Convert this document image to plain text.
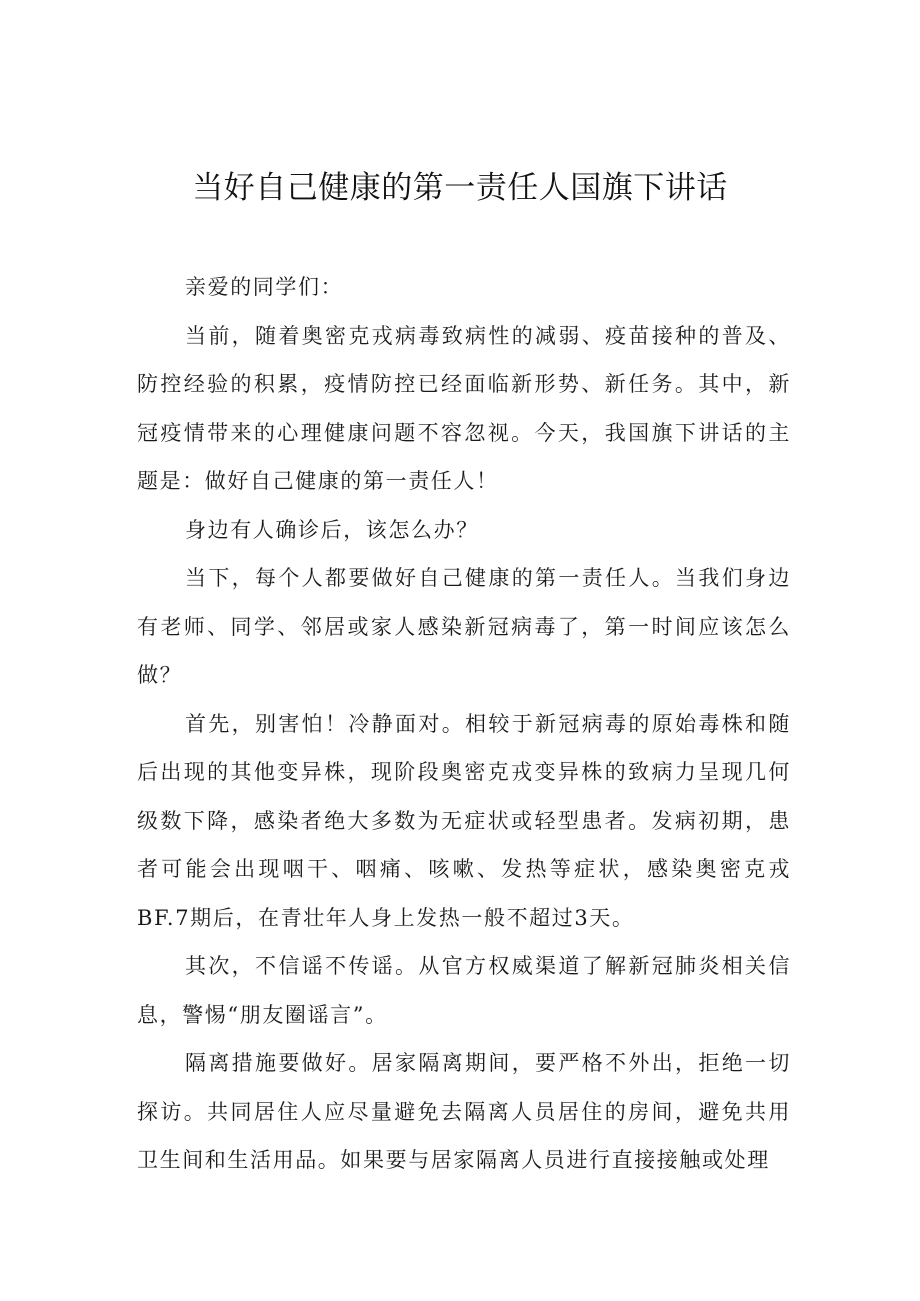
当好自己健康的第一责任人国旗下讲话

亲爱的同学们：

当前，随着奥密克戎病毒致病性的减弱、疫苗接种的普及、防控经验的积累，疫情防控已经面临新形势、新任务。其中，新冠疫情带来的心理健康问题不容忽视。今天，我国旗下讲话的主题是：做好自己健康的第一责任人！

身边有人确诊后，该怎么办？

当下，每个人都要做好自己健康的第一责任人。当我们身边有老师、同学、邻居或家人感染新冠病毒了，第一时间应该怎么做？

首先，别害怕！冷静面对。相较于新冠病毒的原始毒株和随后出现的其他变异株，现阶段奥密克戎变异株的致病力呈现几何级数下降，感染者绝大多数为无症状或轻型患者。发病初期，患者可能会出现咽干、咽痛、咳嗽、发热等症状，感染奥密克戎BF.7期后，在青壮年人身上发热一般不超过3天。

其次，不信谣不传谣。从官方权威渠道了解新冠肺炎相关信息，警惕“朋友圈谣言”。

隔离措施要做好。居家隔离期间，要严格不外出，拒绝一切探访。共同居住人应尽量避免去隔离人员居住的房间，避免共用卫生间和生活用品。如果要与居家隔离人员进行直接接触或处理
